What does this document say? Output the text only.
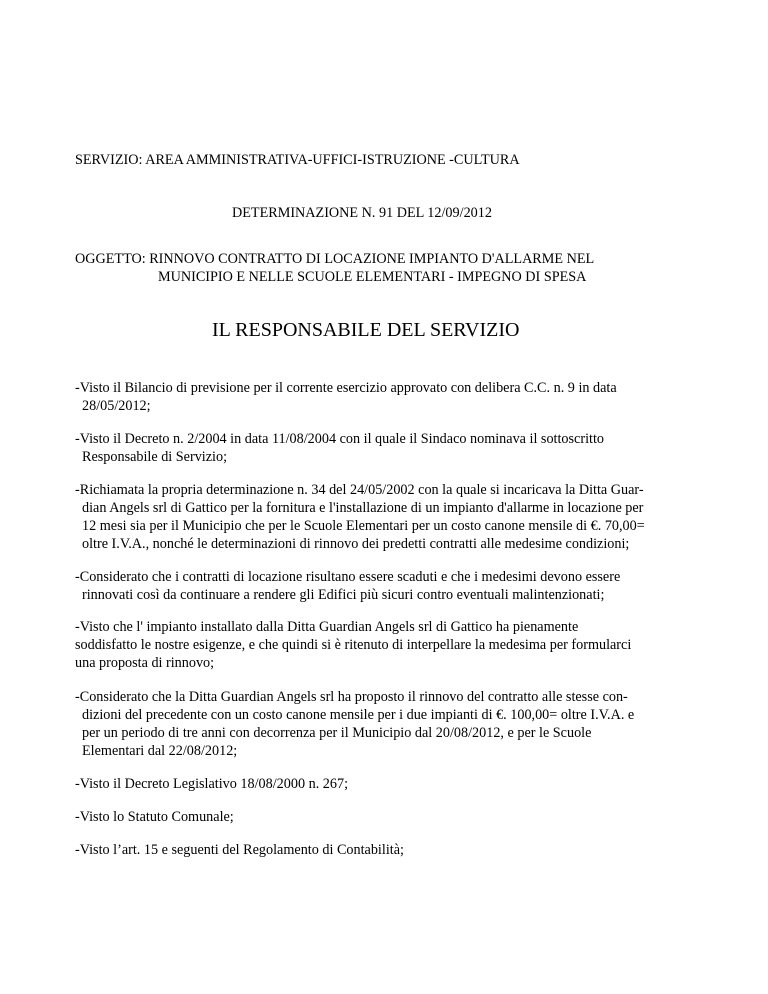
SERVIZIO: AREA AMMINISTRATIVA-UFFICI-ISTRUZIONE -CULTURA
DETERMINAZIONE N. 91 DEL 12/09/2012
OGGETTO: RINNOVO CONTRATTO DI LOCAZIONE IMPIANTO D'ALLARME NEL
MUNICIPIO E NELLE SCUOLE ELEMENTARI - IMPEGNO DI SPESA
IL RESPONSABILE DEL SERVIZIO
-Visto il Bilancio di previsione per il corrente esercizio approvato con delibera C.C. n. 9 in data
28/05/2012;
-Visto il Decreto n. 2/2004 in data 11/08/2004 con il quale il Sindaco nominava il sottoscritto
Responsabile di Servizio;
-Richiamata la propria determinazione n. 34 del 24/05/2002 con la quale si incaricava la Ditta Guar-
dian Angels srl di Gattico per la fornitura e l'installazione di un impianto d'allarme in locazione per
12 mesi sia per il Municipio che per le Scuole Elementari per un costo canone mensile di €. 70,00=
oltre I.V.A., nonché le determinazioni di rinnovo dei predetti contratti alle medesime condizioni;
-Considerato che i contratti di locazione risultano essere scaduti e che i medesimi devono essere
rinnovati così da continuare a rendere gli Edifici più sicuri contro eventuali malintenzionati;
-Visto che l' impianto installato dalla Ditta Guardian Angels srl di Gattico ha pienamente
soddisfatto le nostre esigenze, e che quindi si è ritenuto di interpellare la medesima per formularci
una proposta di rinnovo;
-Considerato che la Ditta Guardian Angels srl ha proposto il rinnovo del contratto alle stesse con-
dizioni del precedente con un costo canone mensile per i due impianti di €. 100,00= oltre I.V.A. e
per un periodo di tre anni con decorrenza per il Municipio dal 20/08/2012, e per le Scuole
Elementari dal 22/08/2012;
-Visto il Decreto Legislativo 18/08/2000 n. 267;
-Visto lo Statuto Comunale;
-Visto l’art. 15 e seguenti del Regolamento di Contabilità;
